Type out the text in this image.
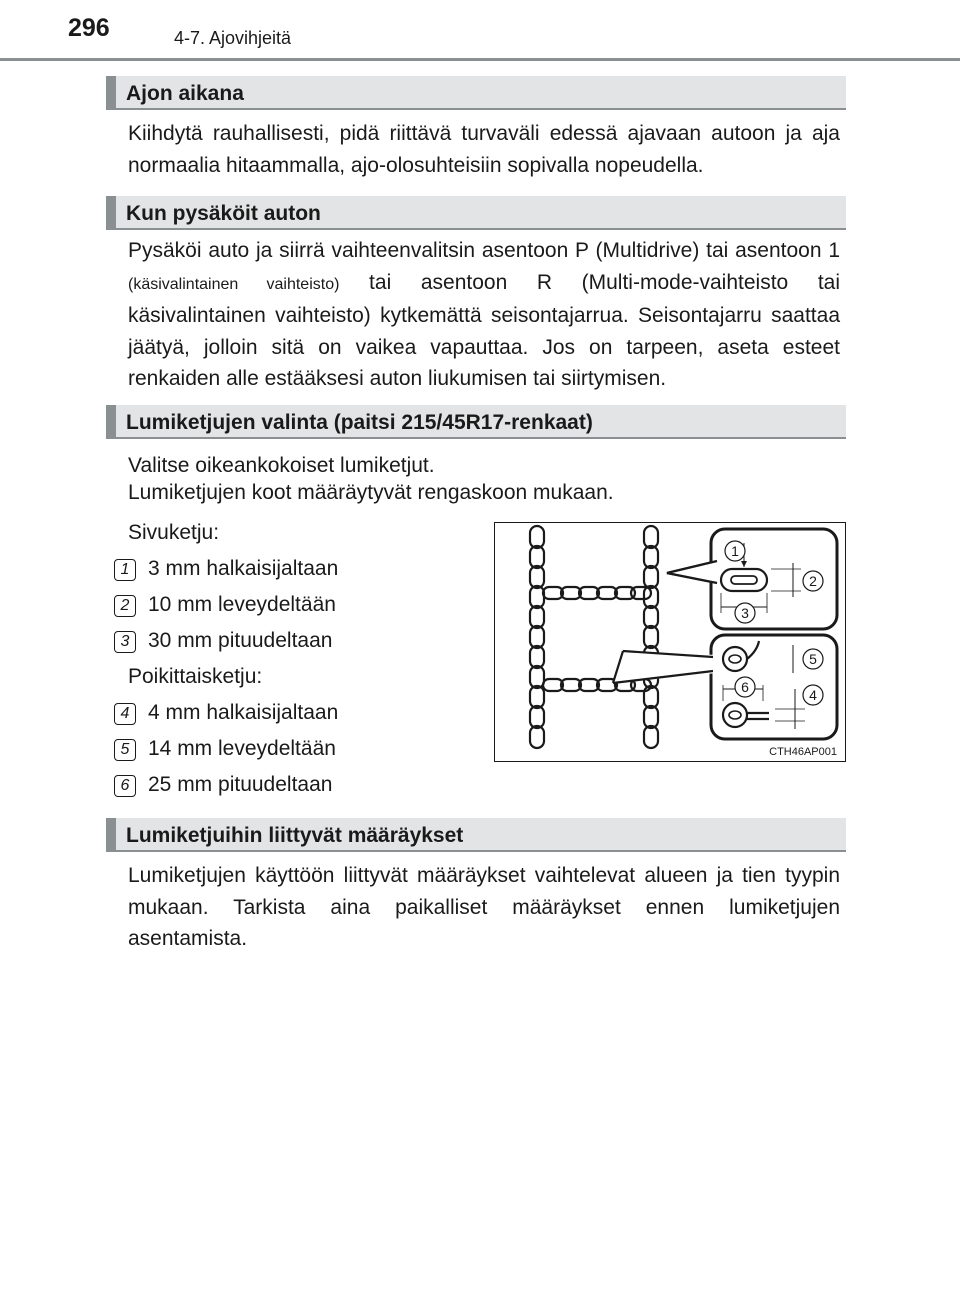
296	4-7. Ajovihjeitä
Ajon aikana

Kiihdytä rauhallisesti, pidä riittävä turvaväli edessä ajavaan autoon ja aja normaalia hitaammalla, ajo-olosuhteisiin sopivalla nopeudella.

Kun pysäköit auton

Pysäköi auto ja siirrä vaihteenvalitsin asentoon P (Multidrive) tai asentoon 1 (käsivalintainen vaihteisto) tai asentoon R (Multi-mode-vaihteisto tai käsivalintainen vaihteisto) kytkemättä seisontajarrua. Seisontajarru saattaa jäätyä, jolloin sitä on vaikea vapauttaa. Jos on tarpeen, aseta esteet renkaiden alle estääksesi auton liukumisen tai siirtymisen.

Lumiketjujen valinta (paitsi 215/45R17-renkaat)
Valitse oikeankokoiset lumiketjut.
Lumiketjujen koot määräytyvät rengaskoon mukaan.
Sivuketju:
1 3 mm halkaisijaltaan
2 10 mm leveydeltään
3 30 mm pituudeltaan
Poikittaisketju:
4 4 mm halkaisijaltaan
5 14 mm leveydeltään
6 25 mm pituudeltaan
1
2
3
5
6	4
CTH46AP001
Lumiketjuihin liittyvät määräykset

Lumiketjujen käyttöön liittyvät määräykset vaihtelevat alueen ja tien tyypin mukaan. Tarkista aina paikalliset määräykset ennen lumiketjujen asentamista.
